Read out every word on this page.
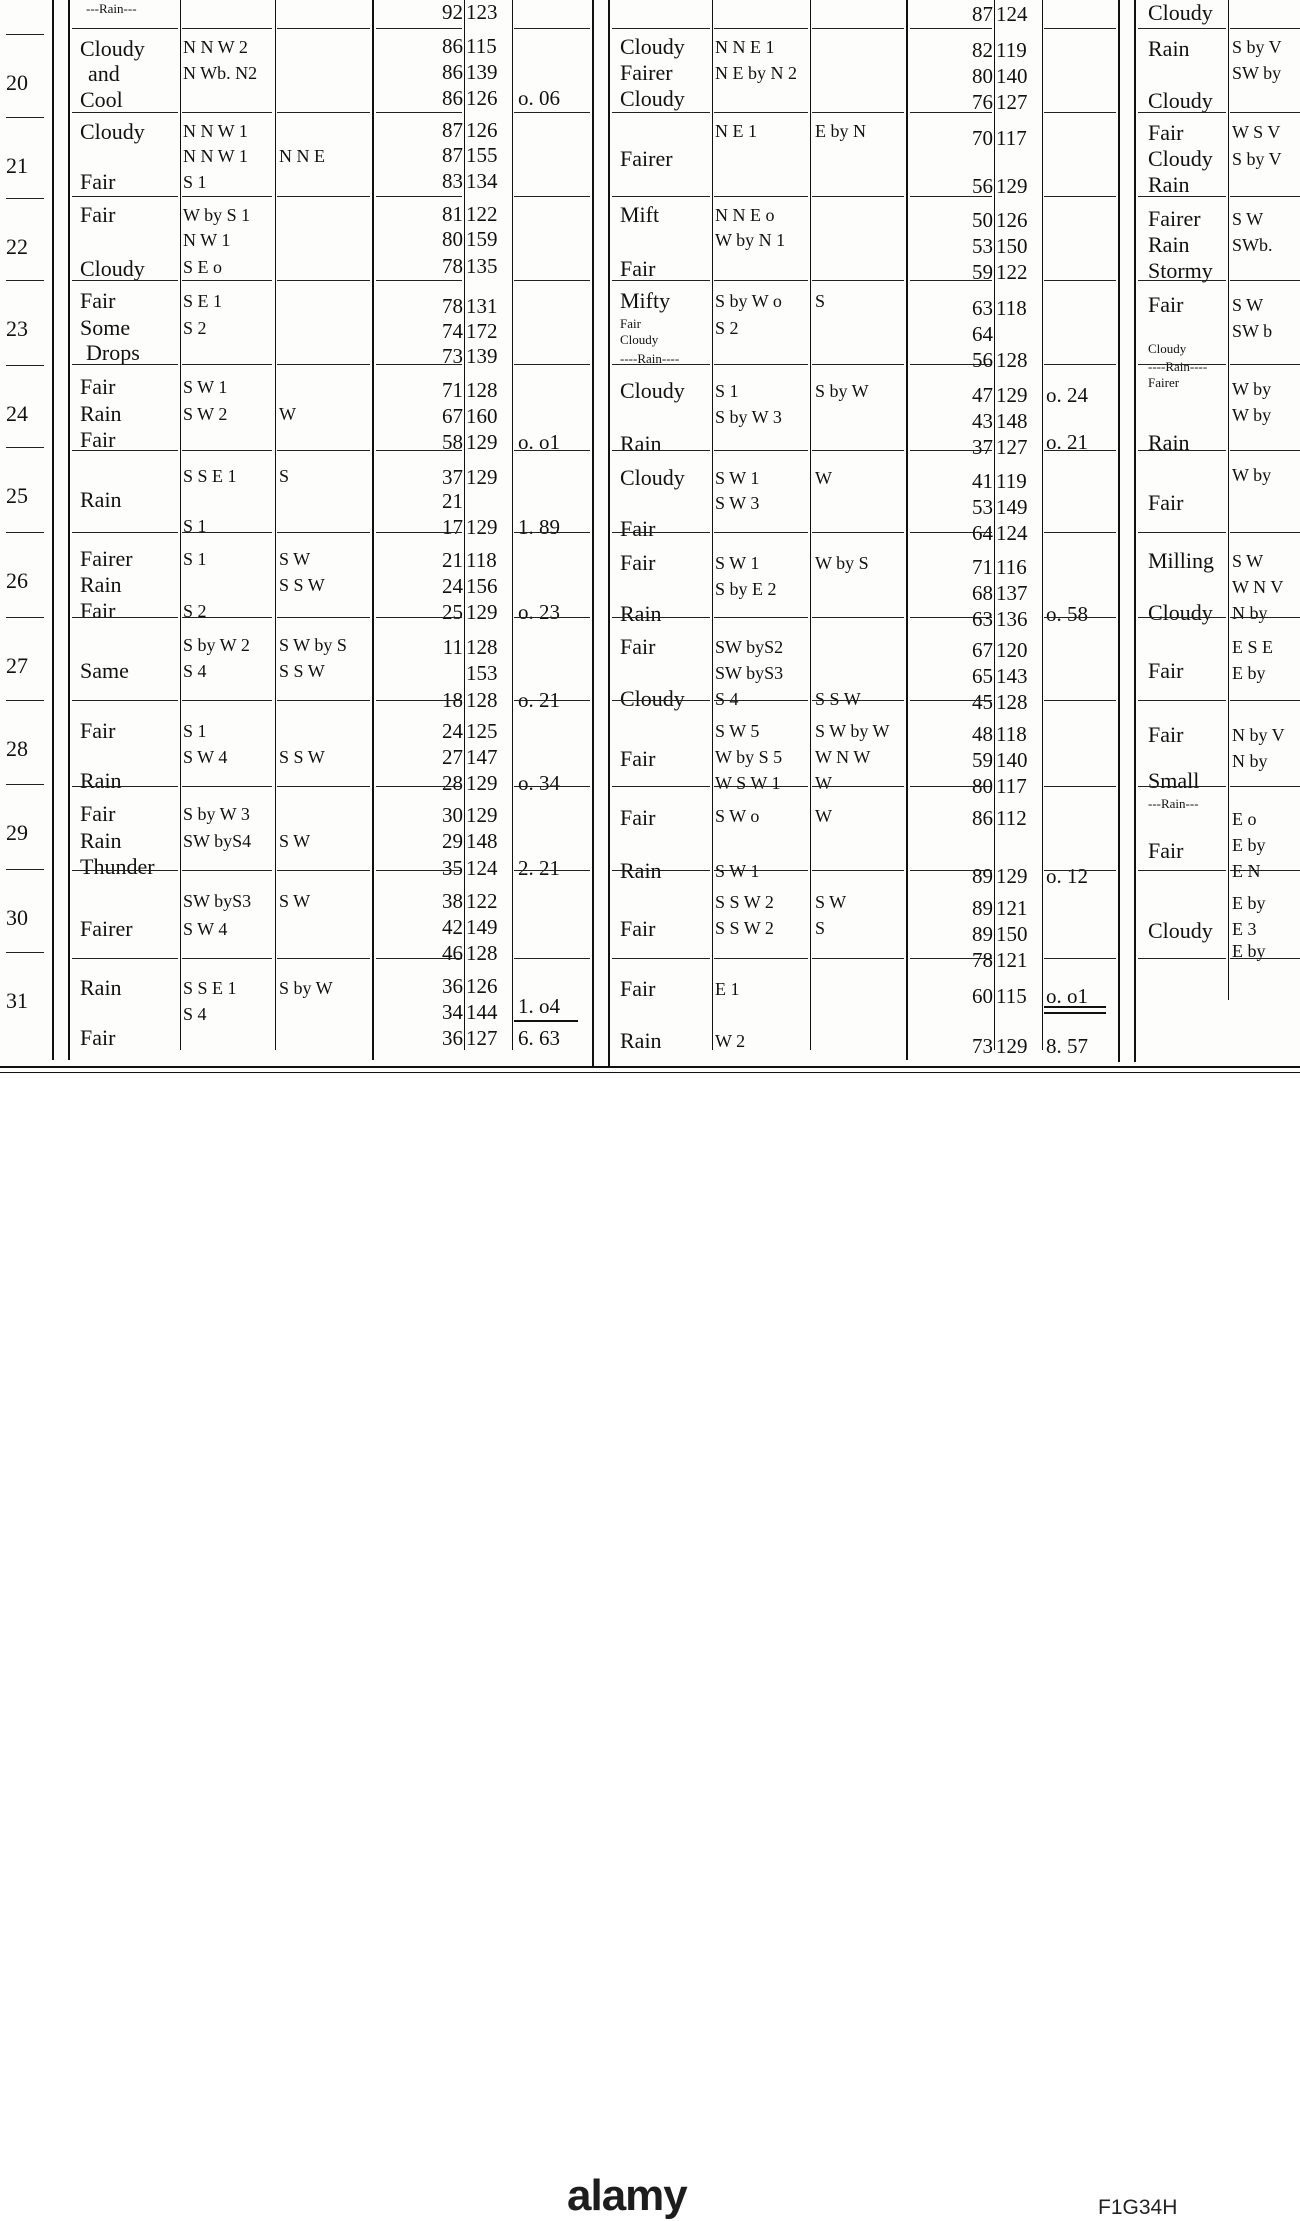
20
21
22
23
24
25
26
27
28
29
30
31
---Rain---
Cloudy
and
Cool
Cloudy
Fair
Fair
Cloudy
Fair
Some
Drops
Fair
Rain
Fair
Rain
Fairer
Rain
Fair
Same
Fair
Rain
Fair
Rain
Thunder
Fairer
Rain
Fair
N N W 2
N Wb. N2
N N W 1
N N W 1
S 1
W by S 1
N W 1
S E o
S E 1
S 2
S W 1
S W 2
S S E 1
S 1
S 1
S 2
S by W 2
S 4
S 1
S W 4
S by W 3
SW byS4
SW byS3
S W 4
S S E 1
S 4
N N E
W
S
S W
S S W
S W by S
S S W
S S W
S W
S W
S by W
92
86
86
86
87
87
83
81
80
78
78
74
73
71
67
58
37
21
17
21
24
25
11
18
24
27
28
30
29
35
38
42
46
36
34
36
123
115
139
126
126
155
134
122
159
135
131
172
139
128
160
129
129
129
118
156
129
128
153
128
125
147
129
129
148
124
122
149
128
126
144
127
o. 06
o. o1
1. 89
o. 23
o. 21
o. 34
2. 21
1. o4
6. 63
Cloudy
Fairer
Cloudy
Fairer
Mift
Fair
Mifty
Fair
Cloudy
----Rain----
Cloudy
Rain
Cloudy
Fair
Fair
Rain
Fair
Cloudy
Fair
Fair
Rain
Fair
Fair
Rain
N N E 1
N E by N 2
N E 1
N N E o
W by N 1
S by W o
S 2
S 1
S by W 3
S W 1
S W 3
S W 1
S by E 2
SW byS2
SW byS3
S 4
S W 5
W by S 5
W S W 1
S W o
S W 1
S S W 2
S S W 2
E 1
W 2
E by N
S
S by W
W
W by S
S S W
S W by W
W N W
W
W
S W
S
87
82
80
76
70
56
50
53
59
63
64
56
47
43
37
41
53
64
71
68
63
67
65
45
48
59
80
86
89
89
89
78
60
73
124
119
140
127
117
129
126
150
122
118
128
129
148
127
119
149
124
116
137
136
120
143
128
118
140
117
112
129
121
150
121
115
129
o. 24
o. 21
o. 58
o. 12
o. o1
8. 57
Cloudy
Rain
Cloudy
Fair
Cloudy
Rain
Fairer
Rain
Stormy
Fair
Cloudy
----Rain----
Fairer
Rain
Fair
Milling
Cloudy
Fair
Fair
Small
---Rain---
Fair
Cloudy
S by V
SW by
W S V
S by V
S W
SWb.
S W
SW b
W by
W by
W by
S W
W N V
N by
E S E
E by
N by V
N by
E o
E by
E N
E by
E 3
E by
alamy	F1G34H
